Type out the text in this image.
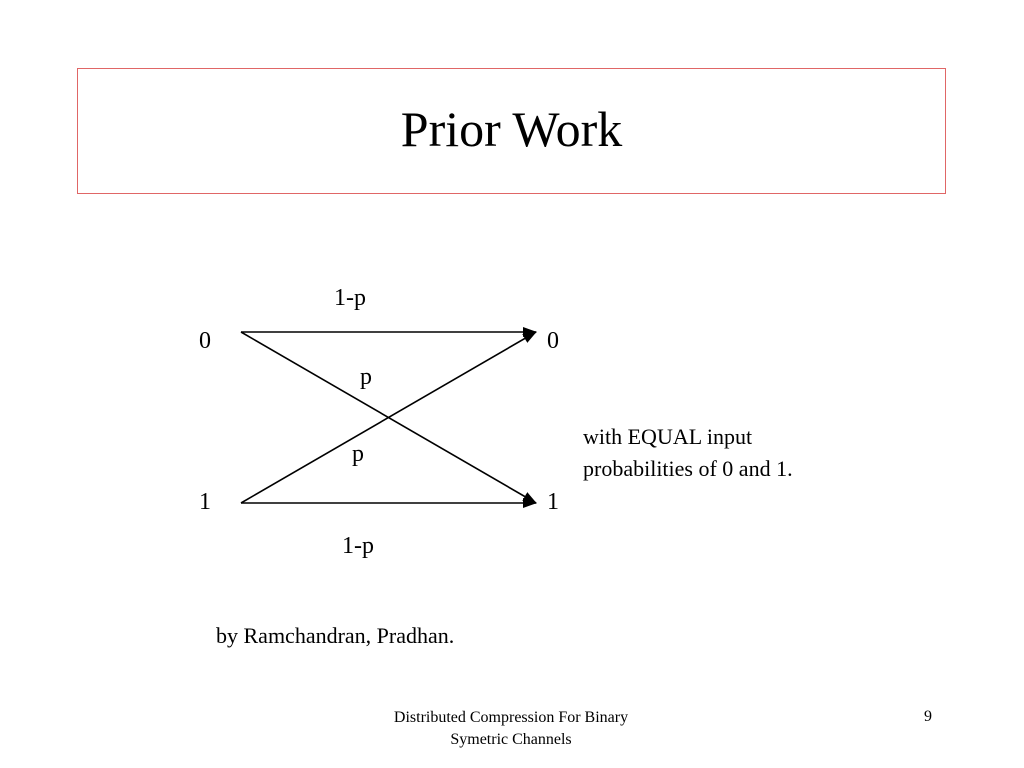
Prior Work
0
1
0
1
1-p
p
p
1-p
with EQUAL input
probabilities of 0 and 1.
by Ramchandran, Pradhan.
Distributed Compression For Binary
Symetric Channels
9
